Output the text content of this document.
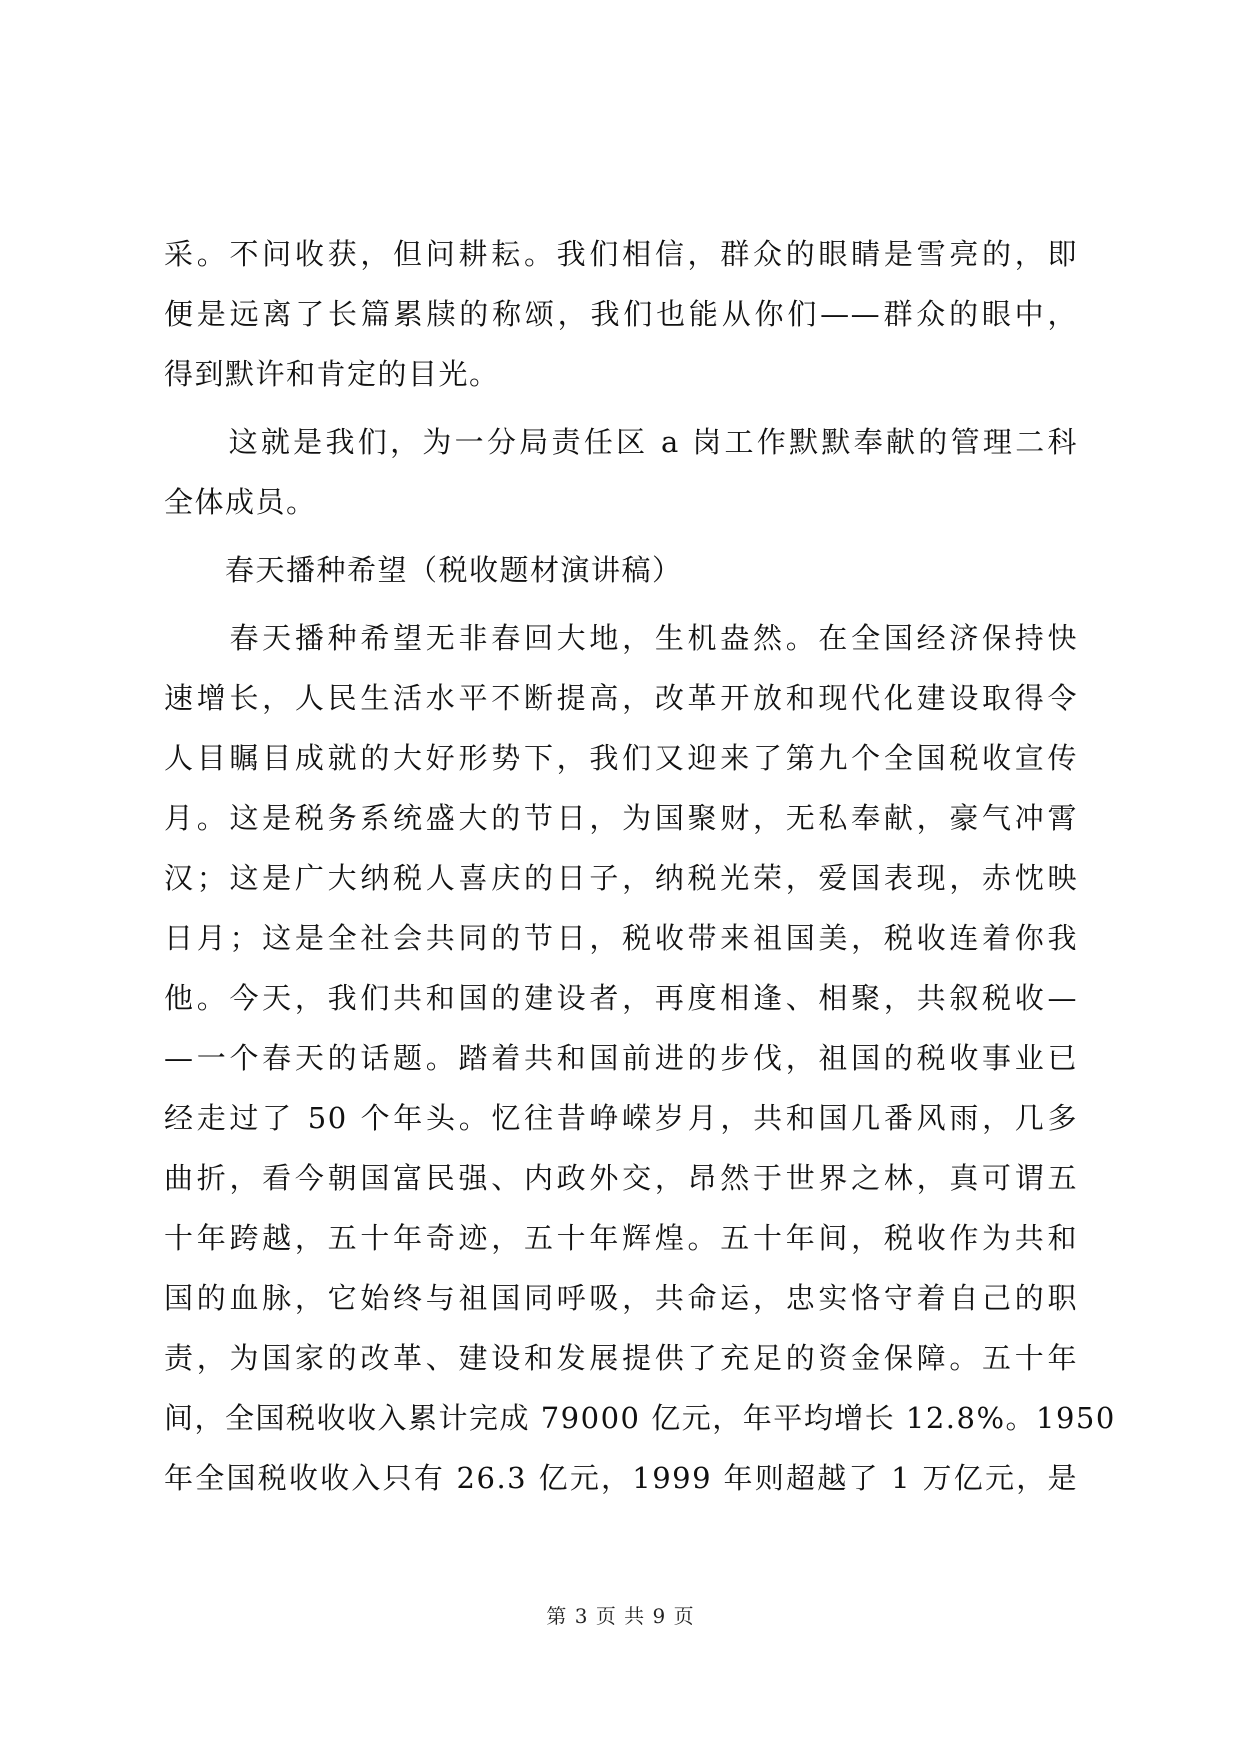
采。不问收获，但问耕耘。我们相信，群众的眼睛是雪亮的，即
便是远离了长篇累牍的称颂，我们也能从你们——群众的眼中，
得到默许和肯定的目光。
　　这就是我们，为一分局责任区 a 岗工作默默奉献的管理二科
全体成员。
　　春天播种希望（税收题材演讲稿）
　　春天播种希望无非春回大地，生机盎然。在全国经济保持快
速增长，人民生活水平不断提高，改革开放和现代化建设取得令
人目瞩目成就的大好形势下，我们又迎来了第九个全国税收宣传
月。这是税务系统盛大的节日，为国聚财，无私奉献，豪气冲霄
汉；这是广大纳税人喜庆的日子，纳税光荣，爱国表现，赤忱映
日月；这是全社会共同的节日，税收带来祖国美，税收连着你我
他。今天，我们共和国的建设者，再度相逢、相聚，共叙税收—
—一个春天的话题。踏着共和国前进的步伐，祖国的税收事业已
经走过了 50 个年头。忆往昔峥嵘岁月，共和国几番风雨，几多
曲折，看今朝国富民强、内政外交，昂然于世界之林，真可谓五
十年跨越，五十年奇迹，五十年辉煌。五十年间，税收作为共和
国的血脉，它始终与祖国同呼吸，共命运，忠实恪守着自己的职
责，为国家的改革、建设和发展提供了充足的资金保障。五十年
间，全国税收收入累计完成 79000 亿元，年平均增长 12.8%。1950
年全国税收收入只有 26.3 亿元，1999 年则超越了 1 万亿元，是
第 3 页 共 9 页
